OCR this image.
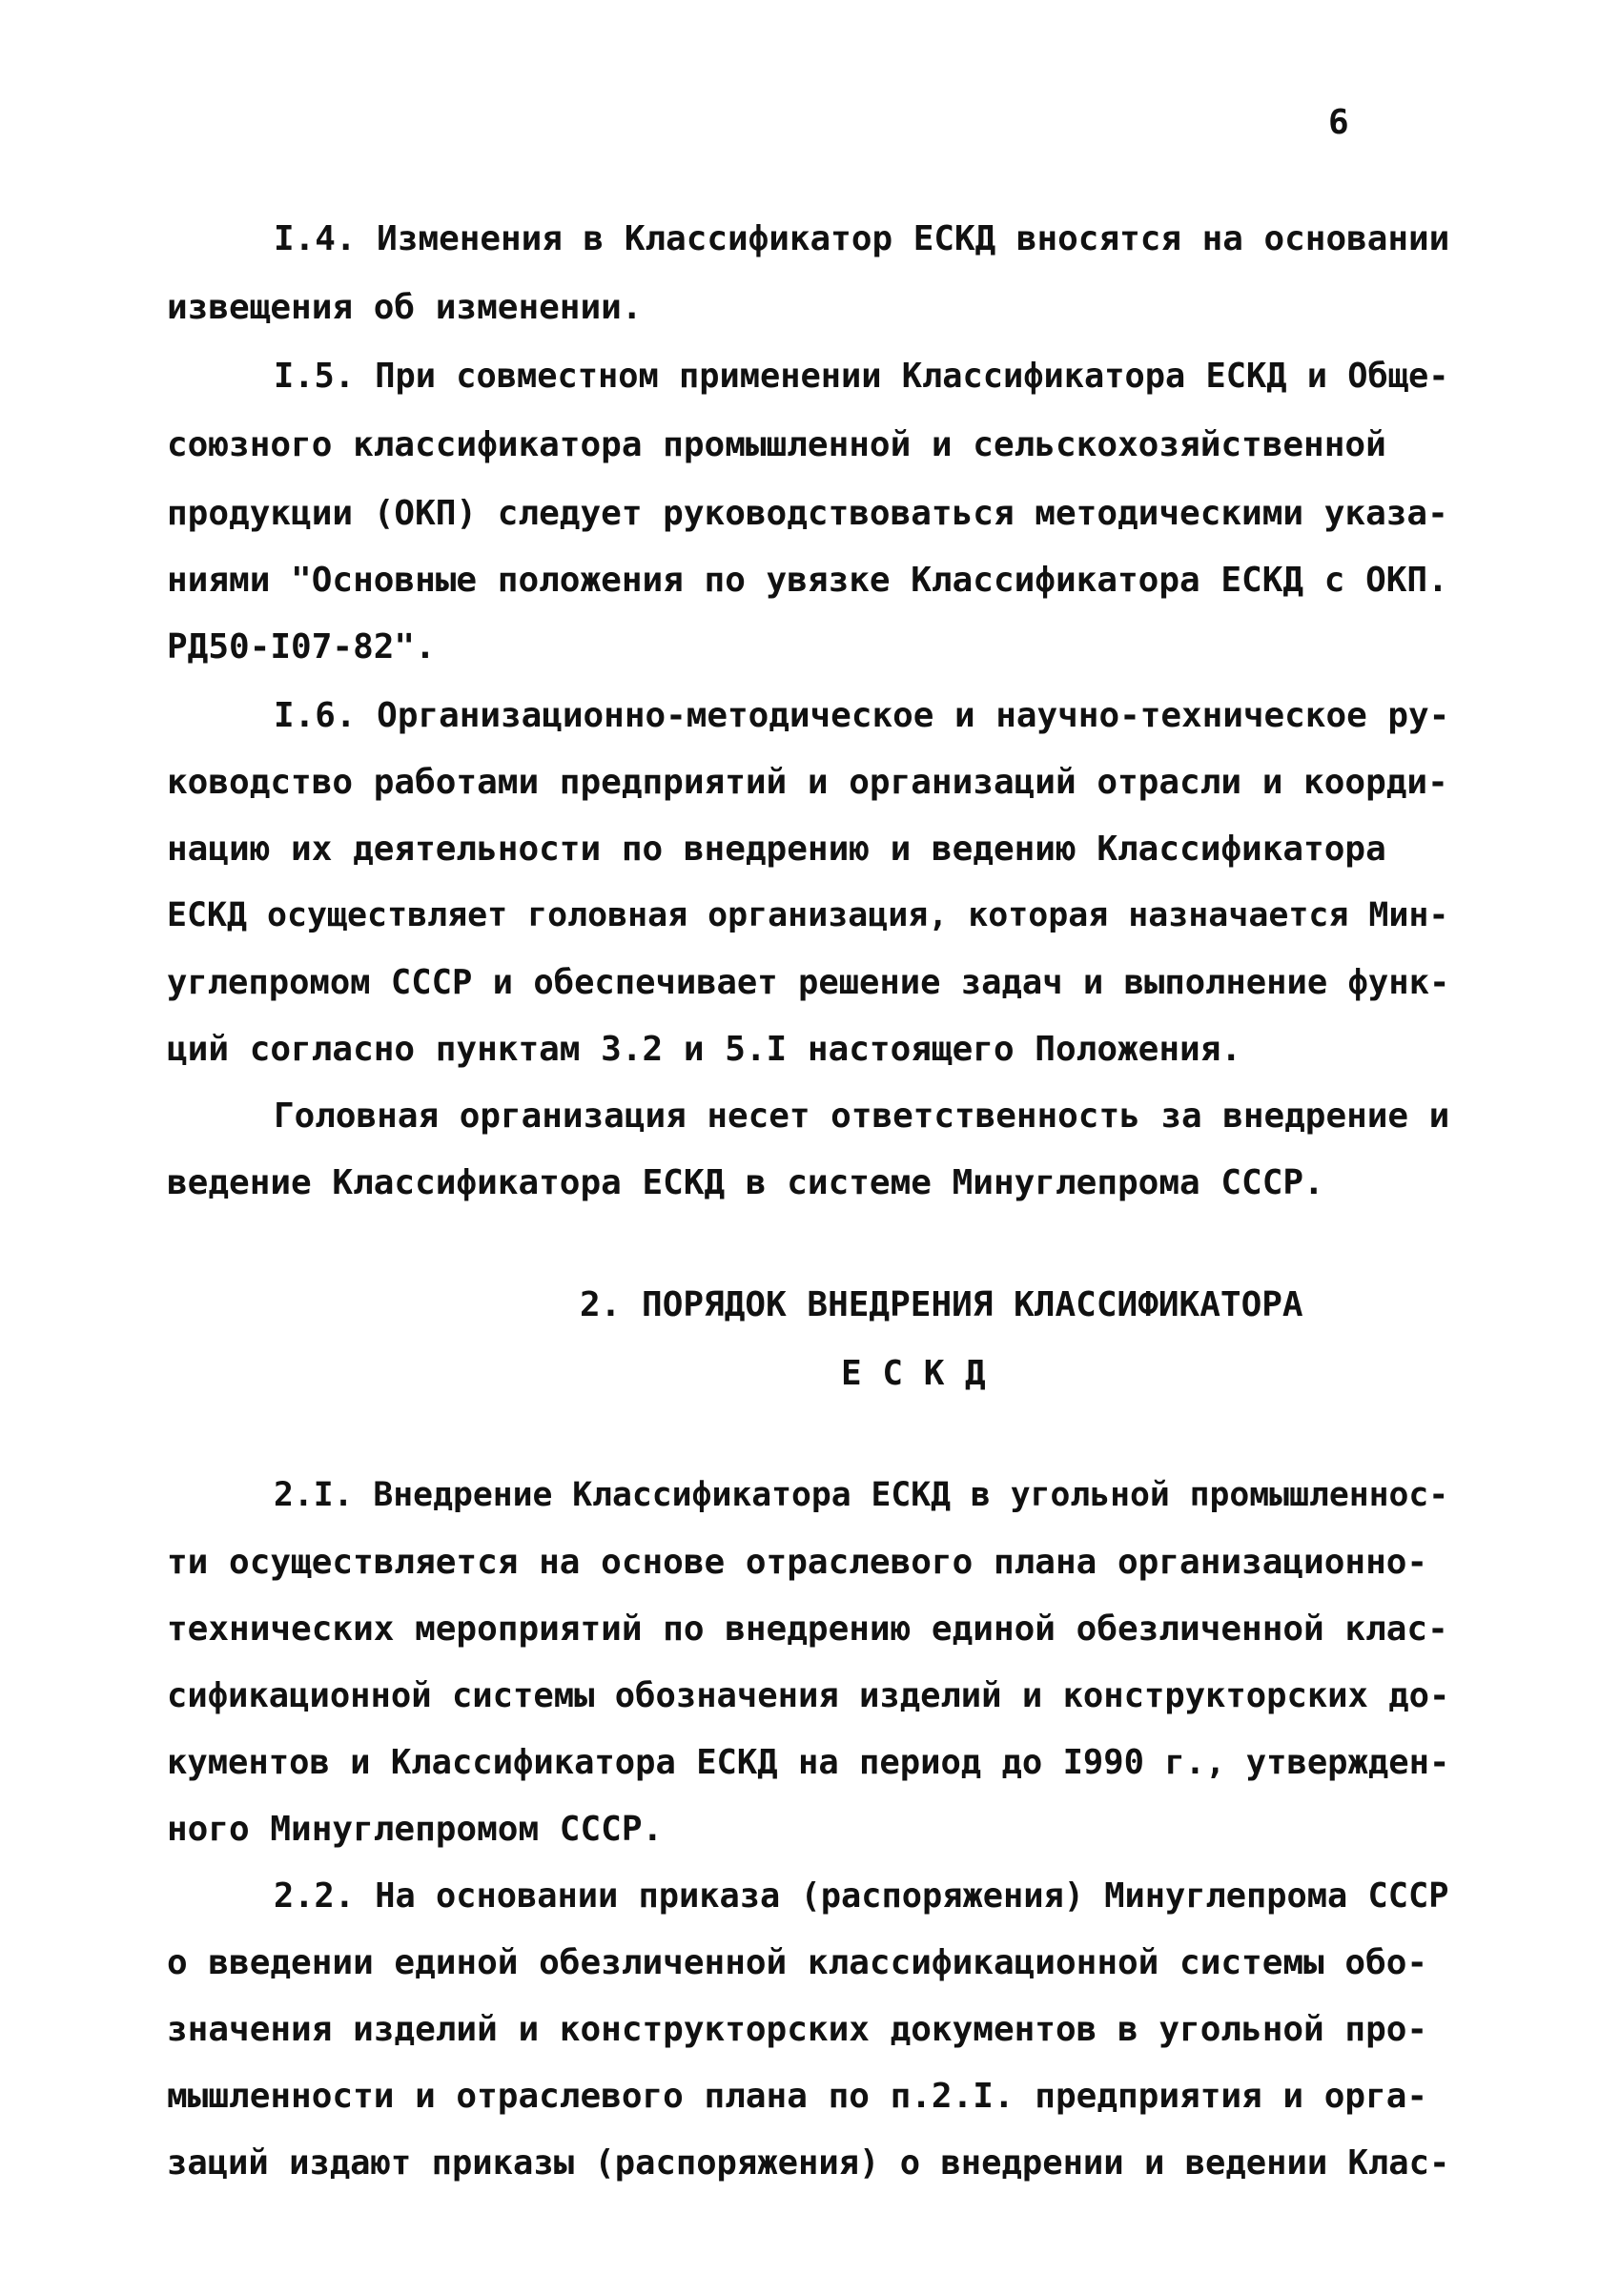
6
I.4. Изменения в Классификатор ЕСКД вносятся на основании
извещения об изменении.
I.5. При совместном применении Классификатора ЕСКД и Обще-
союзного классификатора промышленной и сельскохозяйственной
продукции (ОКП) следует руководствоваться методическими указа-
ниями "Основные положения по увязке Классификатора ЕСКД с ОКП.
РД50-I07-82".
I.6. Организационно-методическое и научно-техническое ру-
ководство работами предприятий и организаций отрасли и коорди-
нацию их деятельности по внедрению и ведению Классификатора
ЕСКД осуществляет головная организация, которая назначается Мин-
углепромом СССР и обеспечивает решение задач и выполнение функ-
ций согласно пунктам 3.2 и 5.I настоящего Положения.
Головная организация несет ответственность за внедрение и
ведение Классификатора ЕСКД в системе Минуглепрома СССР.
2. ПОРЯДОК ВНЕДРЕНИЯ КЛАССИФИКАТОРА
Е С К Д
2.I. Внедрение Классификатора ЕСКД в угольной промышленнос-
ти осуществляется на основе отраслевого плана организационно-
технических мероприятий по внедрению единой обезличенной клас-
сификационной системы обозначения изделий и конструкторских до-
кументов и Классификатора ЕСКД на период до I990 г., утвержден-
ного Минуглепромом СССР.
2.2. На основании приказа (распоряжения) Минуглепрома СССР
о введении единой обезличенной классификационной системы обо-
значения изделий и конструкторских документов в угольной про-
мышленности и отраслевого плана по п.2.I. предприятия и орга-
заций издают приказы (распоряжения) о внедрении и ведении Клас-
